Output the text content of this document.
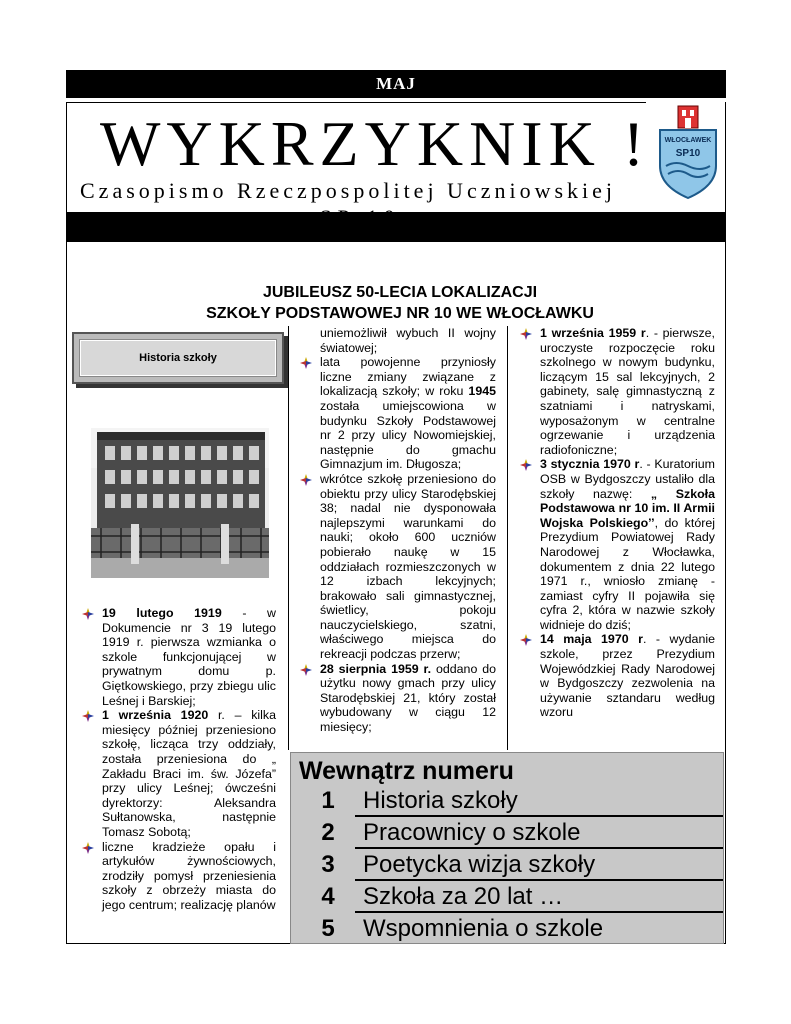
MAJ
WYKRZYKNIK !
Czasopismo Rzeczpospolitej Uczniowskiej
WŁOCŁAWEK
SP10
JUBILEUSZ 50-LECIA LOKALIZACJI
SZKOŁY PODSTAWOWEJ NR 10 WE WŁOCŁAWKU
Historia szkoły
19 lutego 1919 - w Dokumencie nr 3 19 lutego 1919 r. pierwsza wzmianka o szkole funkcjonującej w prywatnym domu p. Giętkowskiego, przy zbiegu ulic Leśnej i Barskiej;
1 września 1920 r. – kilka miesięcy później przeniesiono szkołę, licząca trzy oddziały, została przeniesiona do „ Zakładu Braci im. św. Józefa” przy ulicy Leśnej; ówcześni dyrektorzy: Aleksandra Sułtanowska, następnie Tomasz Sobotą;
liczne kradzieże opału i artykułów żywnościowych, zrodziły pomysł przeniesienia szkoły z obrzeży miasta do jego centrum; realizację planów

uniemożliwił wybuch II wojny światowej;

lata powojenne przyniosły liczne zmiany związane z lokalizacją szkoły; w roku 1945 została umiejscowiona w budynku Szkoły Podstawowej nr 2 przy ulicy Nowomiejskiej, następnie do gmachu Gimnazjum im. Długosza;
wkrótce szkołę przeniesiono do obiektu przy ulicy Starodębskiej 38; nadal nie dysponowała najlepszymi warunkami do nauki; około 600 uczniów pobierało naukę w 15 oddziałach rozmieszczonych w 12 izbach lekcyjnych; brakowało sali gimnastycznej, świetlicy, pokoju nauczycielskiego, szatni, właściwego miejsca do rekreacji podczas przerw;
28 sierpnia 1959 r. oddano do użytku nowy gmach przy ulicy Starodębskiej 21, który został wybudowany w ciągu 12 miesięcy;
1 września 1959 r. - pierwsze, uroczyste rozpoczęcie roku szkolnego w nowym budynku, liczącym 15 sal lekcyjnych, 2 gabinety, salę gimnastyczną z szatniami i natryskami, wyposażonym w centralne ogrzewanie i urządzenia radiofoniczne;
3 stycznia 1970 r. - Kuratorium OSB w Bydgoszczy ustaliło dla szkoły nazwę: „ Szkoła Podstawowa nr 10 im. II Armii Wojska Polskiego’’, do której Prezydium Powiatowej Rady Narodowej z Włocławka, dokumentem z dnia 22 lutego 1971 r., wniosło zmianę - zamiast cyfry II pojawiła się cyfra 2, która w nazwie szkoły widnieje do dziś;
14 maja 1970 r. - wydanie szkole, przez Prezydium Wojewódzkiej Rady Narodowej w Bydgoszczy zezwolenia na używanie sztandaru według wzoru
Wewnątrz numeru
1	Historia szkoły
2	Pracownicy o szkole
3	Poetycka wizja szkoły
4	Szkoła za 20 lat …
5	Wspomnienia o szkole
